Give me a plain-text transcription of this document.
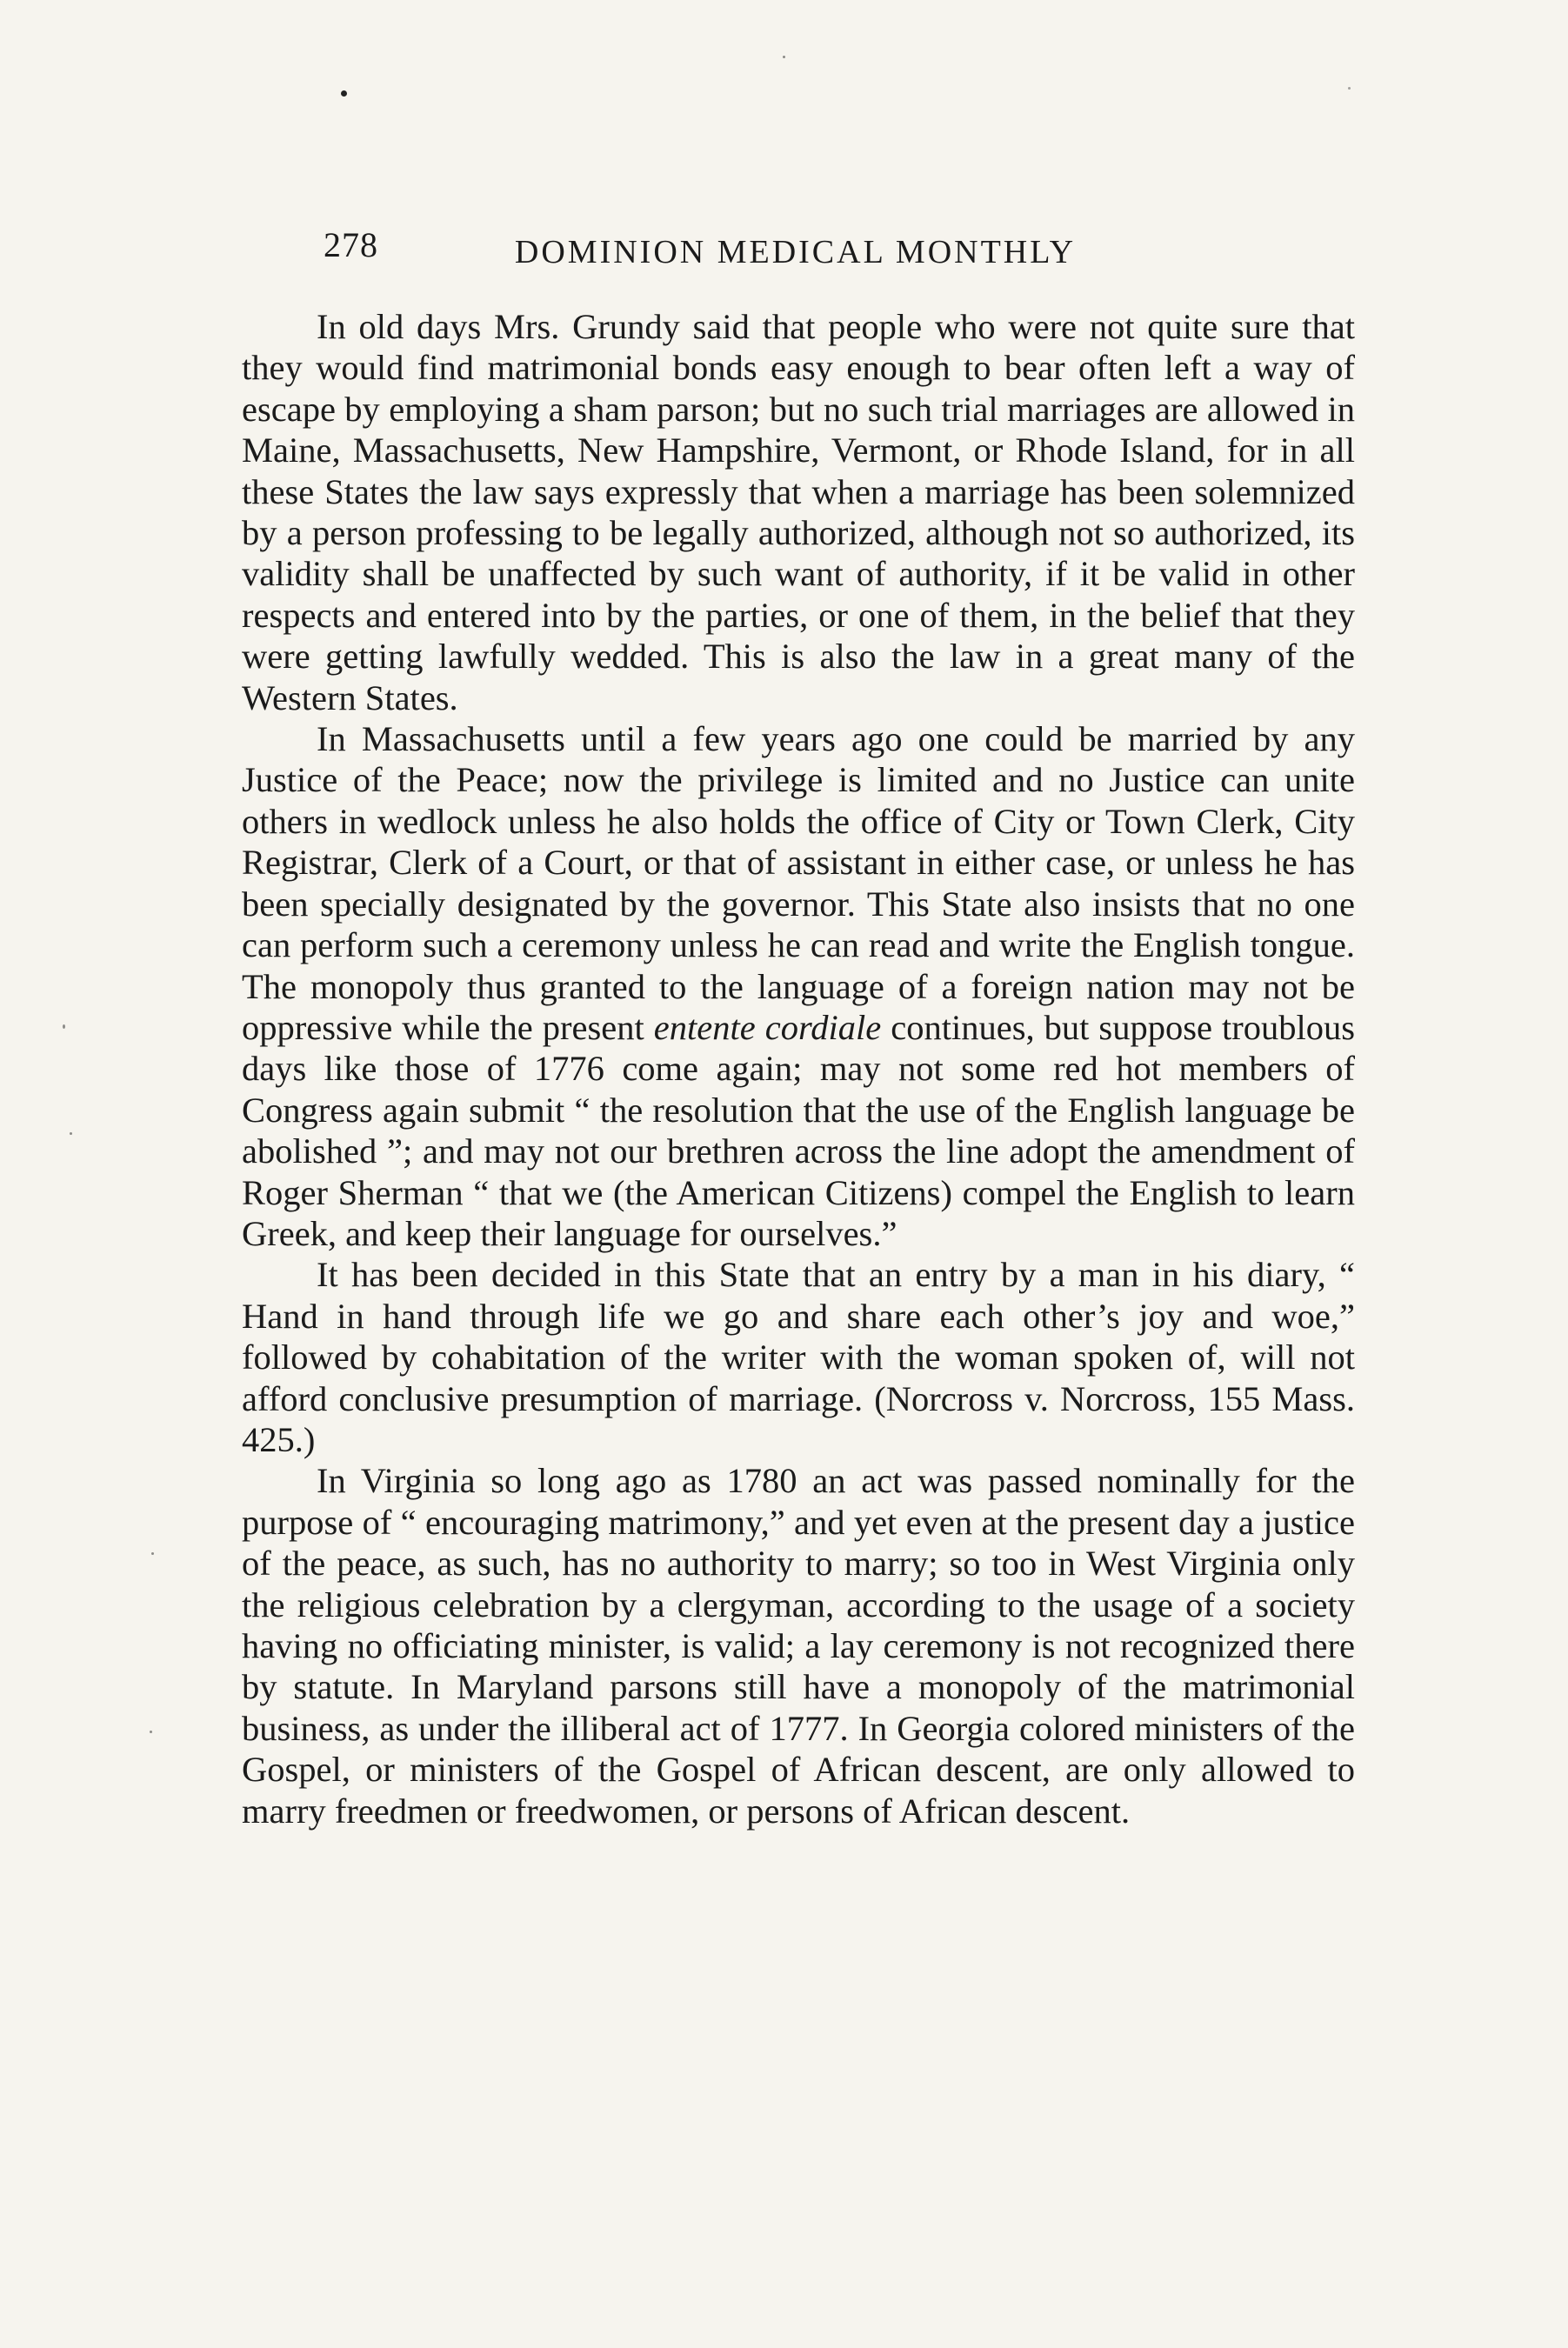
278	DOMINION MEDICAL MONTHLY

In old days Mrs. Grundy said that people who were not quite sure that they would find matrimonial bonds easy enough to bear often left a way of escape by employing a sham parson; but no such trial marriages are allowed in Maine, Massachusetts, New Hampshire, Vermont, or Rhode Island, for in all these States the law says expressly that when a marriage has been solemnized by a person professing to be legally authorized, although not so authorized, its validity shall be unaffected by such want of authority, if it be valid in other respects and entered into by the parties, or one of them, in the belief that they were getting lawfully wedded. This is also the law in a great many of the Western States.

In Massachusetts until a few years ago one could be married by any Justice of the Peace; now the privilege is limited and no Justice can unite others in wedlock unless he also holds the office of City or Town Clerk, City Registrar, Clerk of a Court, or that of assistant in either case, or unless he has been specially designated by the governor. This State also insists that no one can perform such a ceremony unless he can read and write the English tongue. The monopoly thus granted to the language of a foreign nation may not be oppressive while the present entente cordiale continues, but suppose troublous days like those of 1776 come again; may not some red hot members of Congress again submit “ the resolution that the use of the English language be abolished ”; and may not our brethren across the line adopt the amendment of Roger Sherman “ that we (the American Citizens) compel the English to learn Greek, and keep their language for ourselves.”

It has been decided in this State that an entry by a man in his diary, “ Hand in hand through life we go and share each other’s joy and woe,” followed by cohabitation of the writer with the woman spoken of, will not afford conclusive presumption of marriage. (Norcross v. Norcross, 155 Mass. 425.)

In Virginia so long ago as 1780 an act was passed nominally for the purpose of “ encouraging matrimony,” and yet even at the present day a justice of the peace, as such, has no authority to marry; so too in West Virginia only the religious celebration by a clergyman, according to the usage of a society having no officiating minister, is valid; a lay ceremony is not recognized there by statute. In Maryland parsons still have a monopoly of the matrimonial business, as under the illiberal act of 1777. In Georgia colored ministers of the Gospel, or ministers of the Gospel of African descent, are only allowed to marry freedmen or freedwomen, or persons of African descent.
